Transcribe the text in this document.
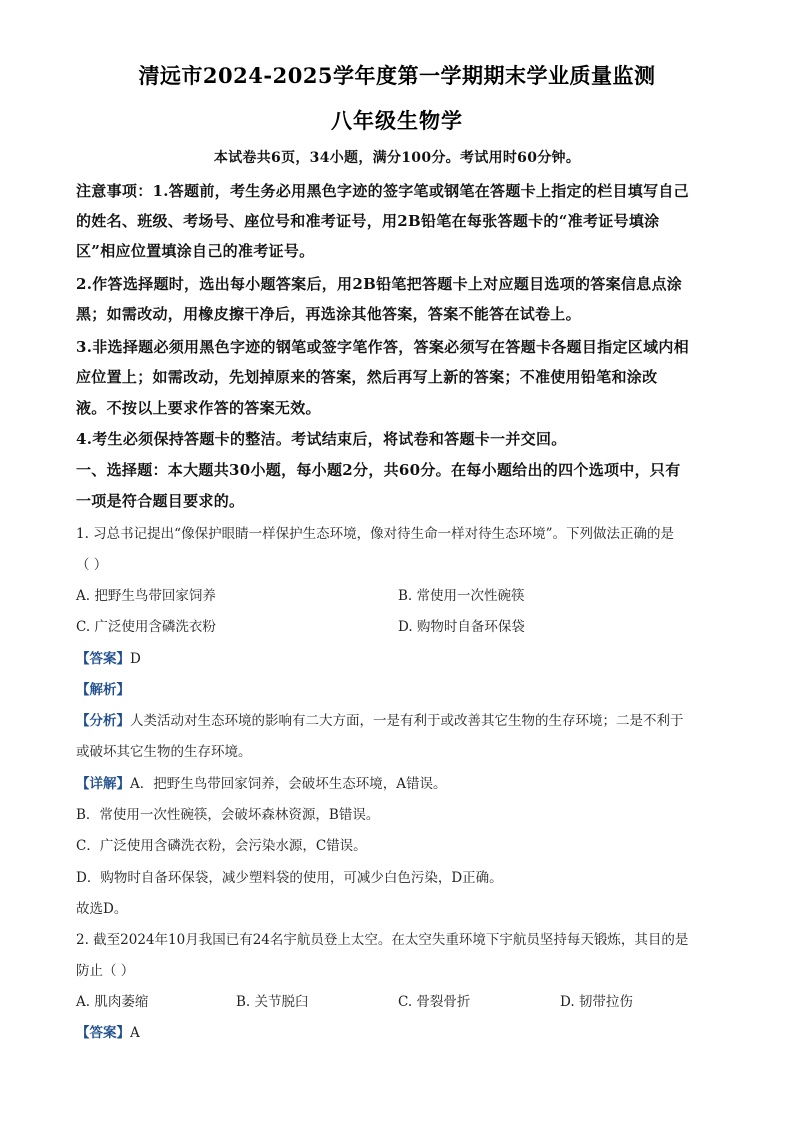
清远市2024-2025学年度第一学期期末学业质量监测
八年级生物学
本试卷共6页，34小题，满分100分。考试用时60分钟。
注意事项：1.答题前，考生务必用黑色字迹的签字笔或钢笔在答题卡上指定的栏目填写自己
的姓名、班级、考场号、座位号和准考证号，用2B铅笔在每张答题卡的“准考证号填涂
区”相应位置填涂自己的准考证号。
2.作答选择题时，选出每小题答案后，用2B铅笔把答题卡上对应题目选项的答案信息点涂
黑；如需改动，用橡皮擦干净后，再选涂其他答案，答案不能答在试卷上。
3.非选择题必须用黑色字迹的钢笔或签字笔作答，答案必须写在答题卡各题目指定区域内相
应位置上；如需改动，先划掉原来的答案，然后再写上新的答案；不准使用铅笔和涂改
液。不按以上要求作答的答案无效。
4.考生必须保持答题卡的整洁。考试结束后，将试卷和答题卡一并交回。
一、选择题：本大题共30小题，每小题2分，共60分。在每小题给出的四个选项中，只有
一项是符合题目要求的。
1. 习总书记提出“像保护眼睛一样保护生态环境，像对待生命一样对待生态环境”。下列做法正确的是
（ ）
A. 把野生鸟带回家饲养	B. 常使用一次性碗筷
C. 广泛使用含磷洗衣粉	D. 购物时自备环保袋
【答案】D
【解析】
【分析】人类活动对生态环境的影响有二大方面，一是有利于或改善其它生物的生存环境；二是不利于
或破坏其它生物的生存环境。
【详解】A．把野生鸟带回家饲养，会破坏生态环境，A错误。
B．常使用一次性碗筷，会破坏森林资源，B错误。
C．广泛使用含磷洗衣粉，会污染水源，C错误。
D．购物时自备环保袋，减少塑料袋的使用，可减少白色污染，D正确。
故选D。
2. 截至2024年10月我国已有24名宇航员登上太空。在太空失重环境下宇航员坚持每天锻炼，其目的是
防止（ ）
A. 肌肉萎缩	B. 关节脱臼	C. 骨裂骨折	D. 韧带拉伤
【答案】A
